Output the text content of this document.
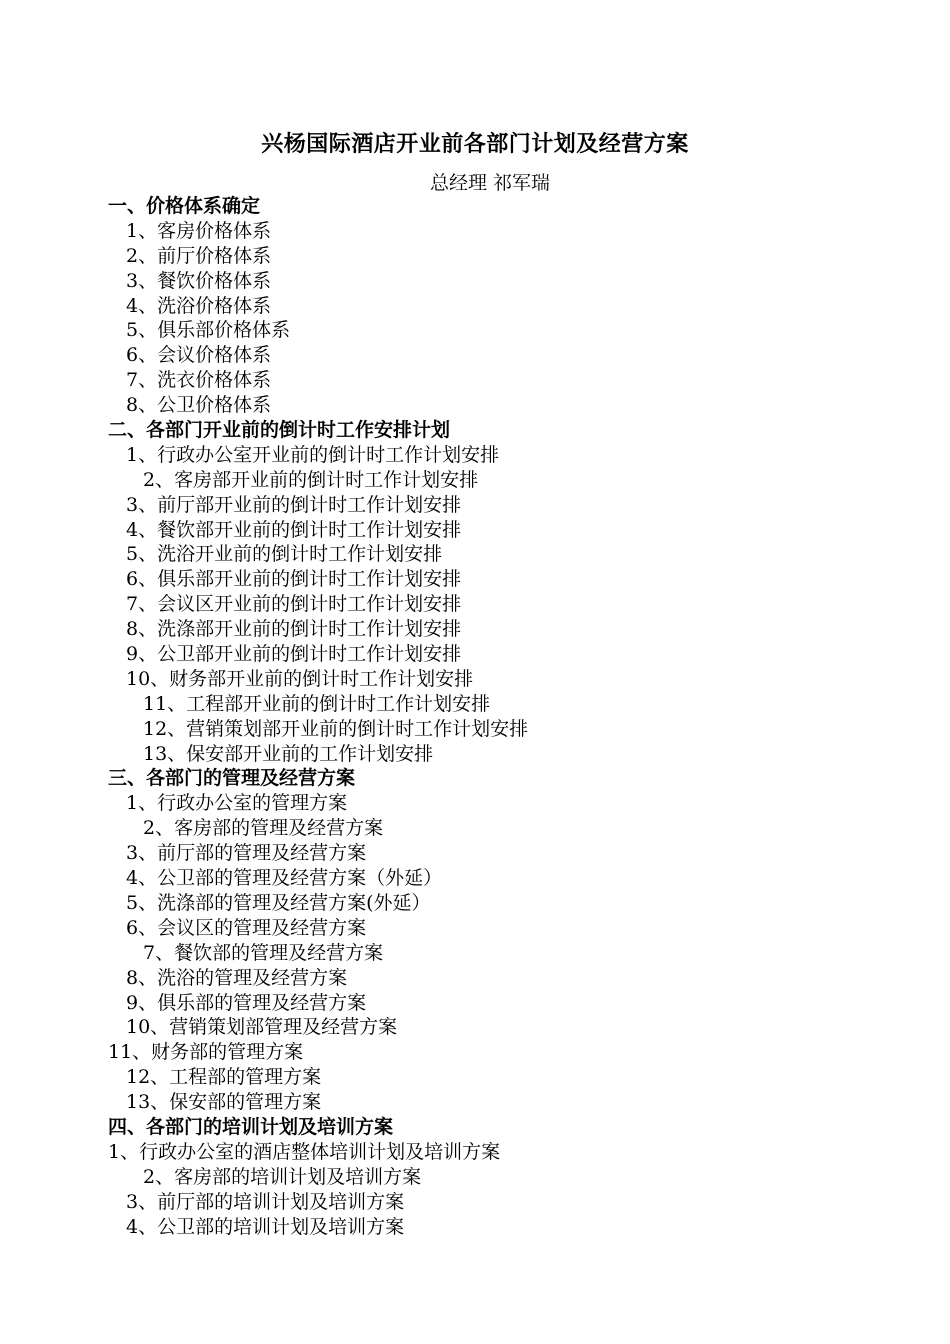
兴杨国际酒店开业前各部门计划及经营方案
总经理 祁军瑞
一、价格体系确定
1、客房价格体系
2、前厅价格体系
3、餐饮价格体系
4、洗浴价格体系
5、俱乐部价格体系
6、会议价格体系
7、洗衣价格体系
8、公卫价格体系
二、各部门开业前的倒计时工作安排计划
1、行政办公室开业前的倒计时工作计划安排
2、客房部开业前的倒计时工作计划安排
3、前厅部开业前的倒计时工作计划安排
4、餐饮部开业前的倒计时工作计划安排
5、洗浴开业前的倒计时工作计划安排
6、俱乐部开业前的倒计时工作计划安排
7、会议区开业前的倒计时工作计划安排
8、洗涤部开业前的倒计时工作计划安排
9、公卫部开业前的倒计时工作计划安排
10、财务部开业前的倒计时工作计划安排
11、工程部开业前的倒计时工作计划安排
12、营销策划部开业前的倒计时工作计划安排
13、保安部开业前的工作计划安排
三、各部门的管理及经营方案
1、行政办公室的管理方案
2、客房部的管理及经营方案
3、前厅部的管理及经营方案
4、公卫部的管理及经营方案（外延）
5、洗涤部的管理及经营方案(外延）
6、会议区的管理及经营方案
7、餐饮部的管理及经营方案
8、洗浴的管理及经营方案
9、俱乐部的管理及经营方案
10、营销策划部管理及经营方案
11、财务部的管理方案
12、工程部的管理方案
13、保安部的管理方案
四、各部门的培训计划及培训方案
1、行政办公室的酒店整体培训计划及培训方案
2、客房部的培训计划及培训方案
3、前厅部的培训计划及培训方案
4、公卫部的培训计划及培训方案
